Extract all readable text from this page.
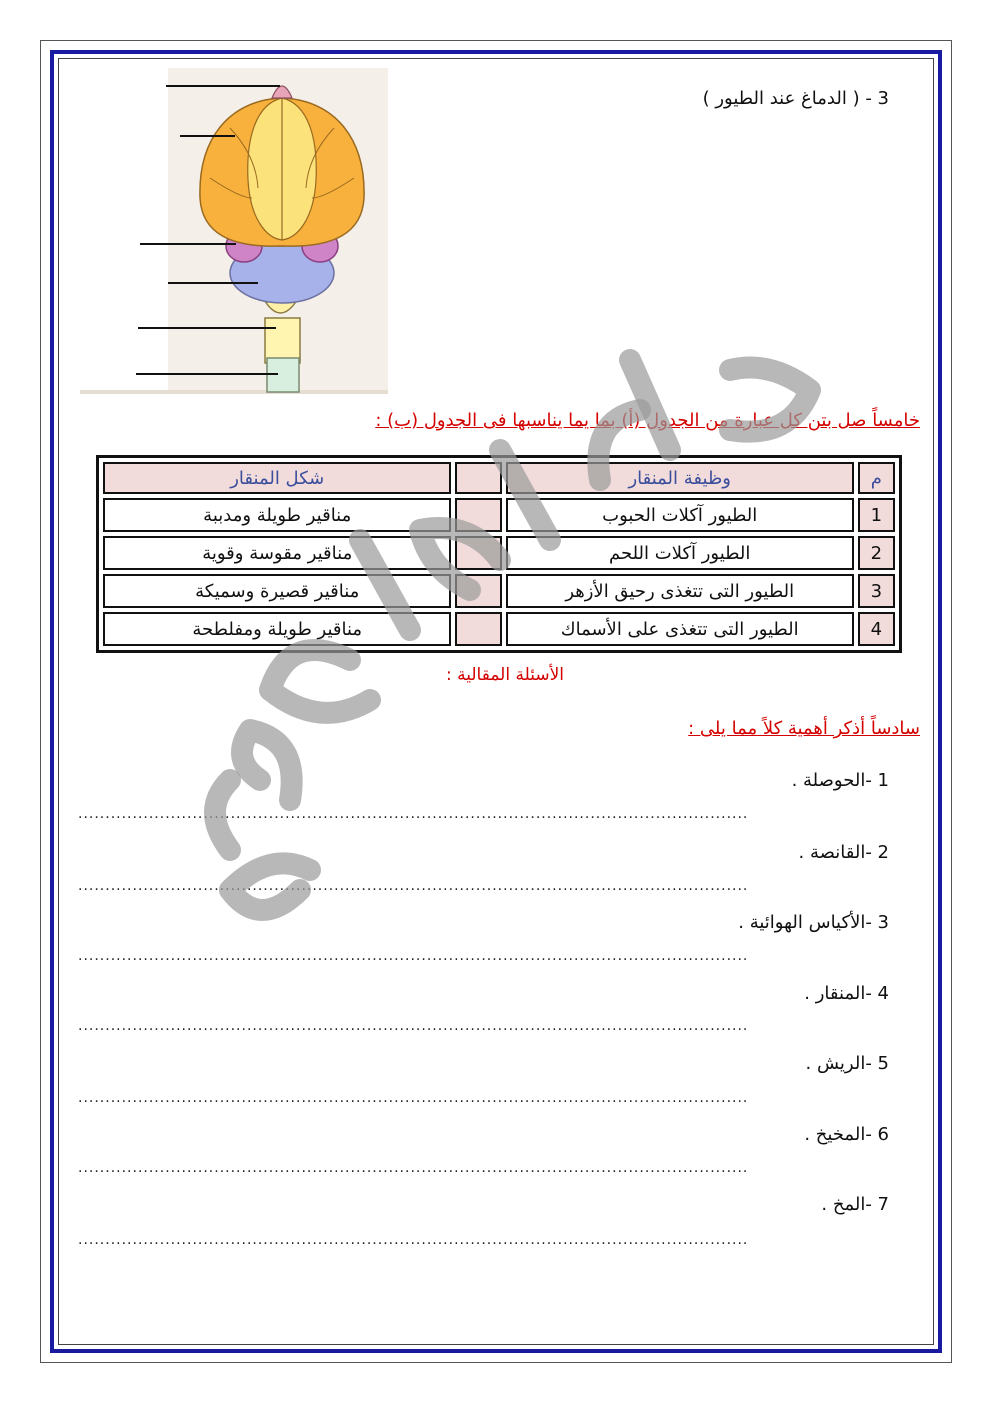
3 - ( الدماغ عند الطيور )
خامساً صل بتن كل عبارة من الجدول (أ) بما يما يناسبها فى الجدول (ب) :
م	وظيفة المنقار		شكل المنقار
1	الطيور آكلات الحبوب		مناقير طويلة ومدببة
2	الطيور آكلات اللحم		مناقير مقوسة وقوية
3	الطيور التى تتغذى رحيق الأزهر		مناقير قصيرة وسميكة
4	الطيور التى تتغذى على الأسماك		مناقير طويلة ومفلطحة
الأسئلة المقالية :
سادساً أذكر أهمية كلاً مما يلى :
1 -الحوصلة .
...........................................................................................................................
2 -القانصة .
...........................................................................................................................
3 -الأكياس الهوائية .
...........................................................................................................................
4 -المنقار .
...........................................................................................................................
5 -الريش .
...........................................................................................................................
6 -المخيخ .
...........................................................................................................................
7 -المخ .
...........................................................................................................................
